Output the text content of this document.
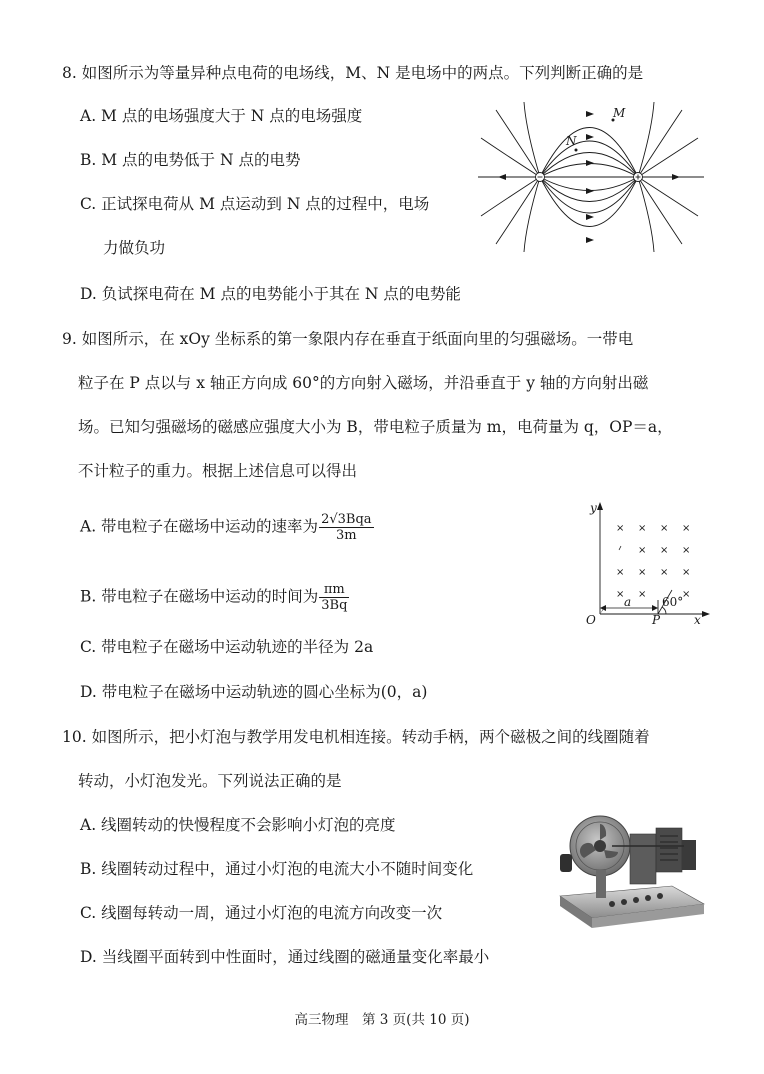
8. 如图所示为等量异种点电荷的电场线，M、N 是电场中的两点。下列判断正确的是
A. M 点的电场强度大于 N 点的电场强度
B. M 点的电势低于 N 点的电势
C. 正试探电荷从 M 点运动到 N 点的过程中，电场
力做负功
D. 负试探电荷在 M 点的电势能小于其在 N 点的电势能
M
N
9. 如图所示，在 xOy 坐标系的第一象限内存在垂直于纸面向里的匀强磁场。一带电
粒子在 P 点以与 x 轴正方向成 60°的方向射入磁场，并沿垂直于 y 轴的方向射出磁
场。已知匀强磁场的磁感应强度大小为 B，带电粒子质量为 m，电荷量为 q，OP＝a，
不计粒子的重力。根据上述信息可以得出
A. 带电粒子在磁场中运动的速率为 $\frac{\text{2√3Bqa}}{3m}$
B. 带电粒子在磁场中运动的时间为 $\frac{\pi m}{3Bq}$
C. 带电粒子在磁场中运动轨迹的半径为 2a
D. 带电粒子在磁场中运动轨迹的圆心坐标为(0，a)
× × × ×
× × ×
× × × ×
× ×	×
y
x
O
a
P
60°
10. 如图所示，把小灯泡与教学用发电机相连接。转动手柄，两个磁极之间的线圈随着
转动，小灯泡发光。下列说法正确的是
A. 线圈转动的快慢程度不会影响小灯泡的亮度
B. 线圈转动过程中，通过小灯泡的电流大小不随时间变化
C. 线圈每转动一周，通过小灯泡的电流方向改变一次
D. 当线圈平面转到中性面时，通过线圈的磁通量变化率最小
高三物理　第 3 页(共 10 页)
